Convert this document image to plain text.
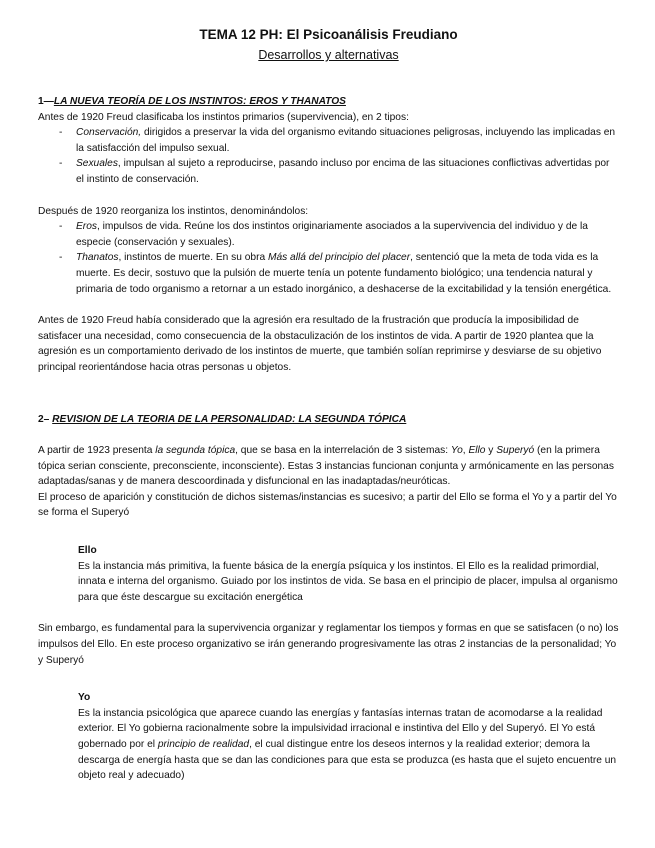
TEMA 12 PH: El Psicoanálisis Freudiano
Desarrollos y alternativas

1—LA NUEVA TEORÍA DE LOS INSTINTOS: EROS Y THANATOS

Antes de 1920 Freud clasificaba los instintos primarios (supervivencia), en 2 tipos:

- Conservación, dirigidos a preservar la vida del organismo evitando situaciones peligrosas, incluyendo las implicadas en la satisfacción del impulso sexual.
- Sexuales, impulsan al sujeto a reproducirse, pasando incluso por encima de las situaciones conflictivas advertidas por el instinto de conservación.

Después de 1920 reorganiza los instintos, denominándolos:

- Eros, impulsos de vida. Reúne los dos instintos originariamente asociados a la supervivencia del individuo y de la especie (conservación y sexuales).
- Thanatos, instintos de muerte. En su obra Más allá del principio del placer, sentenció que la meta de toda vida es la muerte. Es decir, sostuvo que la pulsión de muerte tenía un potente fundamento biológico; una tendencia natural y primaria de todo organismo a retornar a un estado inorgánico, a deshacerse de la excitabilidad y la tensión energética.

Antes de 1920 Freud había considerado que la agresión era resultado de la frustración que producía la imposibilidad de satisfacer una necesidad, como consecuencia de la obstaculización de los instintos de vida. A partir de 1920 plantea que la agresión es un comportamiento derivado de los instintos de muerte, que también solían reprimirse y desviarse de su objetivo principal reorientándose hacia otras personas u objetos.

2– REVISION DE LA TEORIA DE LA PERSONALIDAD: LA SEGUNDA TÓPICA

A partir de 1923 presenta la segunda tópica, que se basa en la interrelación de 3 sistemas: Yo, Ello y Superyó (en la primera tópica serian consciente, preconsciente, inconsciente). Estas 3 instancias funcionan conjunta y armónicamente en las personas adaptadas/sanas y de manera descoordinada y disfuncional en las inadaptadas/neuróticas.

El proceso de aparición y constitución de dichos sistemas/instancias es sucesivo; a partir del Ello se forma el Yo y a partir del Yo se forma el Superyó

Ello

Es la instancia más primitiva, la fuente básica de la energía psíquica y los instintos. El Ello es la realidad primordial, innata e interna del organismo. Guiado por los instintos de vida. Se basa en el principio de placer, impulsa al organismo para que éste descargue su excitación energética

Sin embargo, es fundamental para la supervivencia organizar y reglamentar los tiempos y formas en que se satisfacen (o no) los impulsos del Ello. En este proceso organizativo se irán generando progresivamente las otras 2 instancias de la personalidad; Yo y Superyó

Yo

Es la instancia psicológica que aparece cuando las energías y fantasías internas tratan de acomodarse a la realidad exterior. El Yo gobierna racionalmente sobre la impulsividad irracional e instintiva del Ello y del Superyó. El Yo está gobernado por el principio de realidad, el cual distingue entre los deseos internos y la realidad exterior; demora la descarga de energía hasta que se dan las condiciones para que esta se produzca (es hasta que el sujeto encuentre un objeto real y adecuado)
